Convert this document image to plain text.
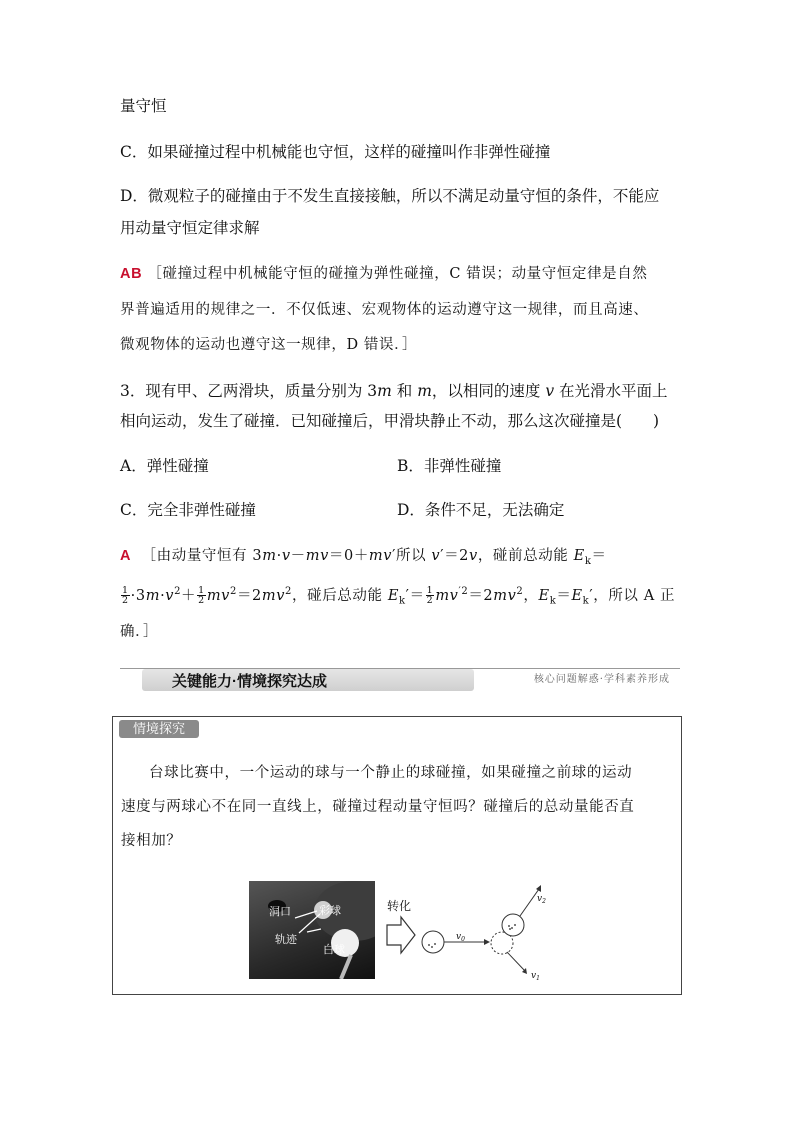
量守恒
C．如果碰撞过程中机械能也守恒，这样的碰撞叫作非弹性碰撞
D．微观粒子的碰撞由于不发生直接接触，所以不满足动量守恒的条件，不能应
用动量守恒定律求解
AB ［碰撞过程中机械能守恒的碰撞为弹性碰撞，C 错误；动量守恒定律是自然
界普遍适用的规律之一．不仅低速、宏观物体的运动遵守这一规律，而且高速、
微观物体的运动也遵守这一规律，D 错误．］
3．现有甲、乙两滑块，质量分别为 3m 和 m，以相同的速度 v 在光滑水平面上
相向运动，发生了碰撞．已知碰撞后，甲滑块静止不动，那么这次碰撞是(　　)
A．弹性碰撞	B．非弹性碰撞
C．完全非弹性碰撞	D．条件不足，无法确定
A ［由动量守恒有 3m·v－mv＝0＋mv′所以 v′＝2v，碰前总动能 $E_k=$
$\frac{1}{2} \cdot 3m\cdot v^2+ \frac{1}{2} mv^2=2mv^2$，碰后总动能 $E_k'= \frac{1}{2} mv^{'2}=2mv^2$，$E_k=E_k'$，所以 A 正
确．］
关键能力·情境探究达成	核心问题解惑·学科素养形成
情境探究
台球比赛中，一个运动的球与一个静止的球碰撞，如果碰撞之前球的运动
速度与两球心不在同一直线上，碰撞过程动量守恒吗？碰撞后的总动量能否直
接相加？
洞口	彩球
轨迹
白球
转化
$v_0$
$v_2$
$v_1$
